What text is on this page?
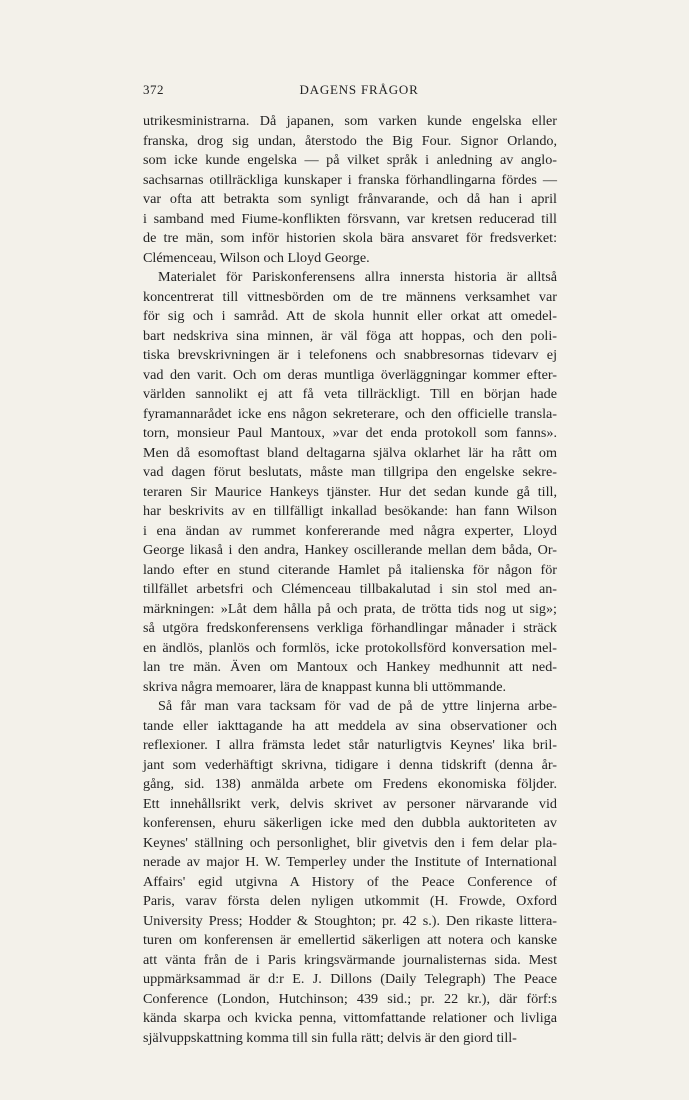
372	DAGENS FRÅGOR
utrikesministrarna. Då japanen, som varken kunde engelska eller
franska, drog sig undan, återstodo the Big Four. Signor Orlando,
som icke kunde engelska — på vilket språk i anledning av anglo-
sachsarnas otillräckliga kunskaper i franska förhandlingarna fördes —
var ofta att betrakta som synligt frånvarande, och då han i april
i samband med Fiume-konflikten försvann, var kretsen reducerad till
de tre män, som inför historien skola bära ansvaret för fredsverket:
Clémenceau, Wilson och Lloyd George.
Materialet för Pariskonferensens allra innersta historia är alltså
koncentrerat till vittnesbörden om de tre männens verksamhet var
för sig och i samråd. Att de skola hunnit eller orkat att omedel-
bart nedskriva sina minnen, är väl föga att hoppas, och den poli-
tiska brevskrivningen är i telefonens och snabbresornas tidevarv ej
vad den varit. Och om deras muntliga överläggningar kommer efter-
världen sannolikt ej att få veta tillräckligt. Till en början hade
fyramannarådet icke ens någon sekreterare, och den officielle transla-
torn, monsieur Paul Mantoux, »var det enda protokoll som fanns».
Men då esomoftast bland deltagarna själva oklarhet lär ha rått om
vad dagen förut beslutats, måste man tillgripa den engelske sekre-
teraren Sir Maurice Hankeys tjänster. Hur det sedan kunde gå till,
har beskrivits av en tillfälligt inkallad besökande: han fann Wilson
i ena ändan av rummet konfererande med några experter, Lloyd
George likaså i den andra, Hankey oscillerande mellan dem båda, Or-
lando efter en stund citerande Hamlet på italienska för någon för
tillfället arbetsfri och Clémenceau tillbakalutad i sin stol med an-
märkningen: »Låt dem hålla på och prata, de trötta tids nog ut sig»;
så utgöra fredskonferensens verkliga förhandlingar månader i sträck
en ändlös, planlös och formlös, icke protokollsförd konversation mel-
lan tre män. Även om Mantoux och Hankey medhunnit att ned-
skriva några memoarer, lära de knappast kunna bli uttömmande.
Så får man vara tacksam för vad de på de yttre linjerna arbe-
tande eller iakttagande ha att meddela av sina observationer och
reflexioner. I allra främsta ledet står naturligtvis Keynes' lika bril-
jant som vederhäftigt skrivna, tidigare i denna tidskrift (denna år-
gång, sid. 138) anmälda arbete om Fredens ekonomiska följder.
Ett innehållsrikt verk, delvis skrivet av personer närvarande vid
konferensen, ehuru säkerligen icke med den dubbla auktoriteten av
Keynes' ställning och personlighet, blir givetvis den i fem delar pla-
nerade av major H. W. Temperley under the Institute of International
Affairs' egid utgivna A History of the Peace Conference of
Paris, varav första delen nyligen utkommit (H. Frowde, Oxford
University Press; Hodder & Stoughton; pr. 42 s.). Den rikaste littera-
turen om konferensen är emellertid säkerligen att notera och kanske
att vänta från de i Paris kringsvärmande journalisternas sida. Mest
uppmärksammad är d:r E. J. Dillons (Daily Telegraph) The Peace
Conference (London, Hutchinson; 439 sid.; pr. 22 kr.), där förf:s
kända skarpa och kvicka penna, vittomfattande relationer och livliga
självuppskattning komma till sin fulla rätt; delvis är den giord till-
